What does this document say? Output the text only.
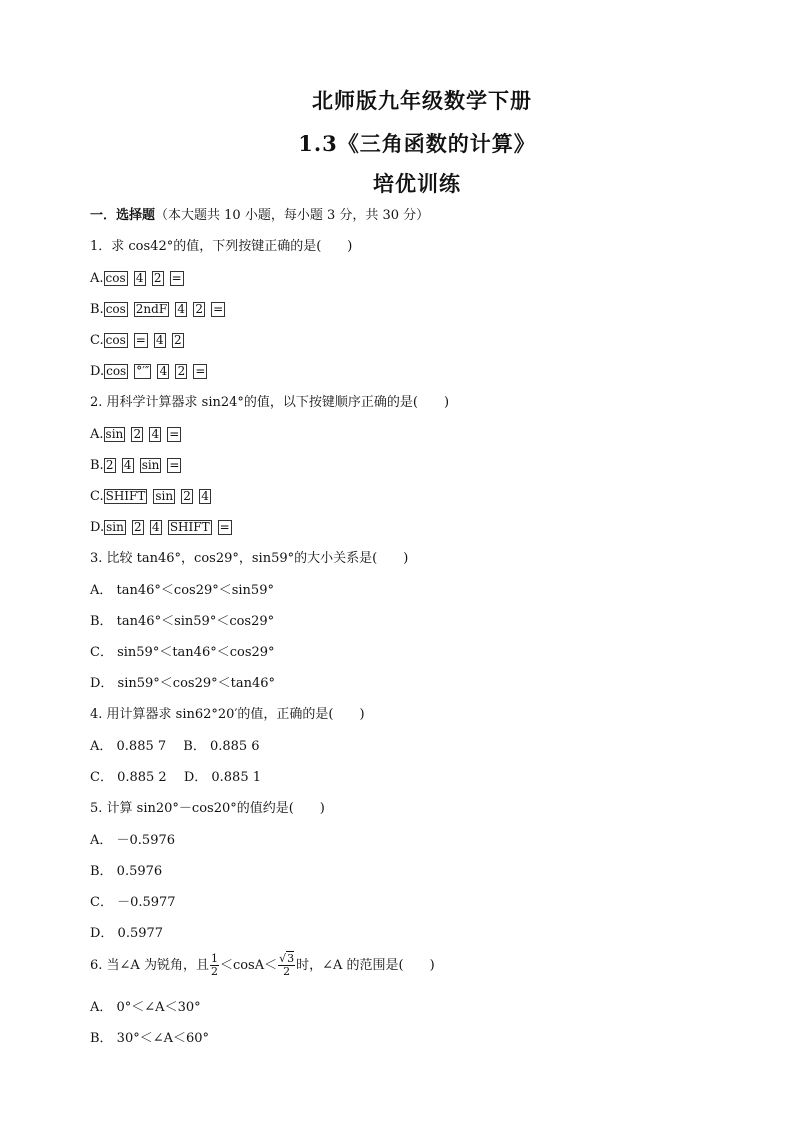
北师版九年级数学下册
1.3《三角函数的计算》
培优训练
一．选择题（本大题共 10 小题，每小题 3 分，共 30 分）
1．求 cos42°的值，下列按键正确的是(　　)
A. cos 4 2 =
B. cos 2ndF 4 2 =
C. cos = 4 2
D. cos °′″ 4 2 =
2. 用科学计算器求 sin24°的值，以下按键顺序正确的是(　　)
A. sin 2 4 =
B. 2 4 sin =
C. SHIFT sin 2 4
D. sin 2 4 SHIFT =
3. 比较 tan46°，cos29°，sin59°的大小关系是(　　)
A． tan46°＜cos29°＜sin59°
B． tan46°＜sin59°＜cos29°
C． sin59°＜tan46°＜cos29°
D． sin59°＜cos29°＜tan46°
4. 用计算器求 sin62°20′的值，正确的是(　　)
A． 0.885 7　 B． 0.885 6
C． 0.885 2　 D． 0.885 1
5. 计算 sin20°－cos20°的值约是(　　)
A． －0.5976
B． 0.5976
C． －0.5977
D． 0.5977
6. 当∠A 为锐角，且 $\frac{1}{2} <\cos A< \frac{√3}{2}$ 时，∠A 的范围是(　　)
A． 0°＜∠A＜30°
B． 30°＜∠A＜60°
